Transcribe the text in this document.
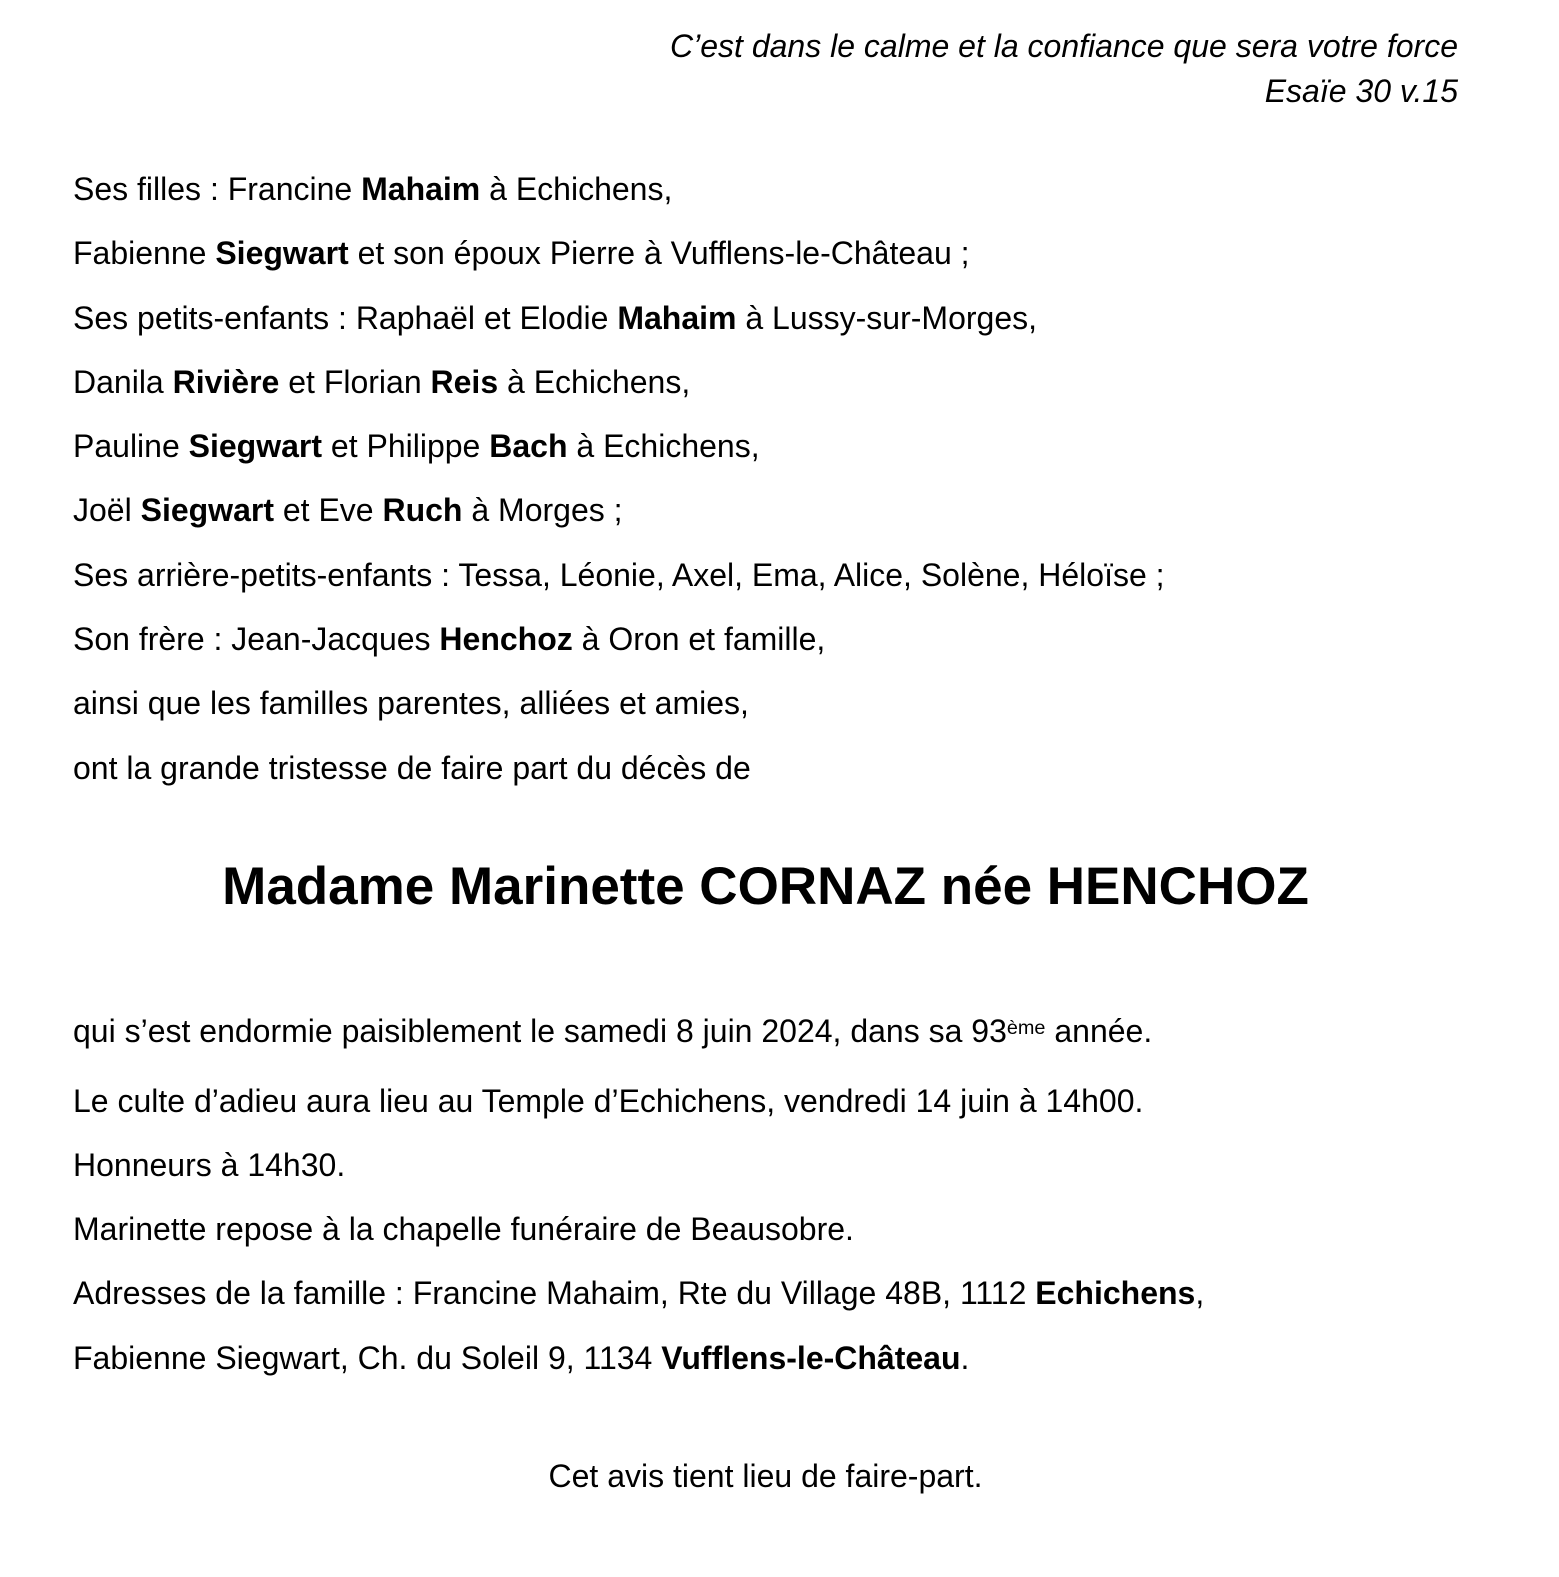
C’est dans le calme et la confiance que sera votre force
Esaïe 30 v.15
Ses filles : Francine Mahaim à Echichens,
Fabienne Siegwart et son époux Pierre à Vufflens-le-Château ;
Ses petits-enfants : Raphaël et Elodie Mahaim à Lussy-sur-Morges,
Danila Rivière et Florian Reis à Echichens,
Pauline Siegwart et Philippe Bach à Echichens,
Joël Siegwart et Eve Ruch à Morges ;
Ses arrière-petits-enfants : Tessa, Léonie, Axel, Ema, Alice, Solène, Héloïse ;
Son frère : Jean-Jacques Henchoz à Oron et famille,
ainsi que les familles parentes, alliées et amies,
ont la grande tristesse de faire part du décès de
Madame Marinette CORNAZ née HENCHOZ
qui s’est endormie paisiblement le samedi 8 juin 2024, dans sa 93ème année.
Le culte d’adieu aura lieu au Temple d’Echichens, vendredi 14 juin à 14h00.
Honneurs à 14h30.
Marinette repose à la chapelle funéraire de Beausobre.
Adresses de la famille : Francine Mahaim, Rte du Village 48B, 1112 Echichens,
Fabienne Siegwart, Ch. du Soleil 9, 1134 Vufflens-le-Château.
Cet avis tient lieu de faire-part.
